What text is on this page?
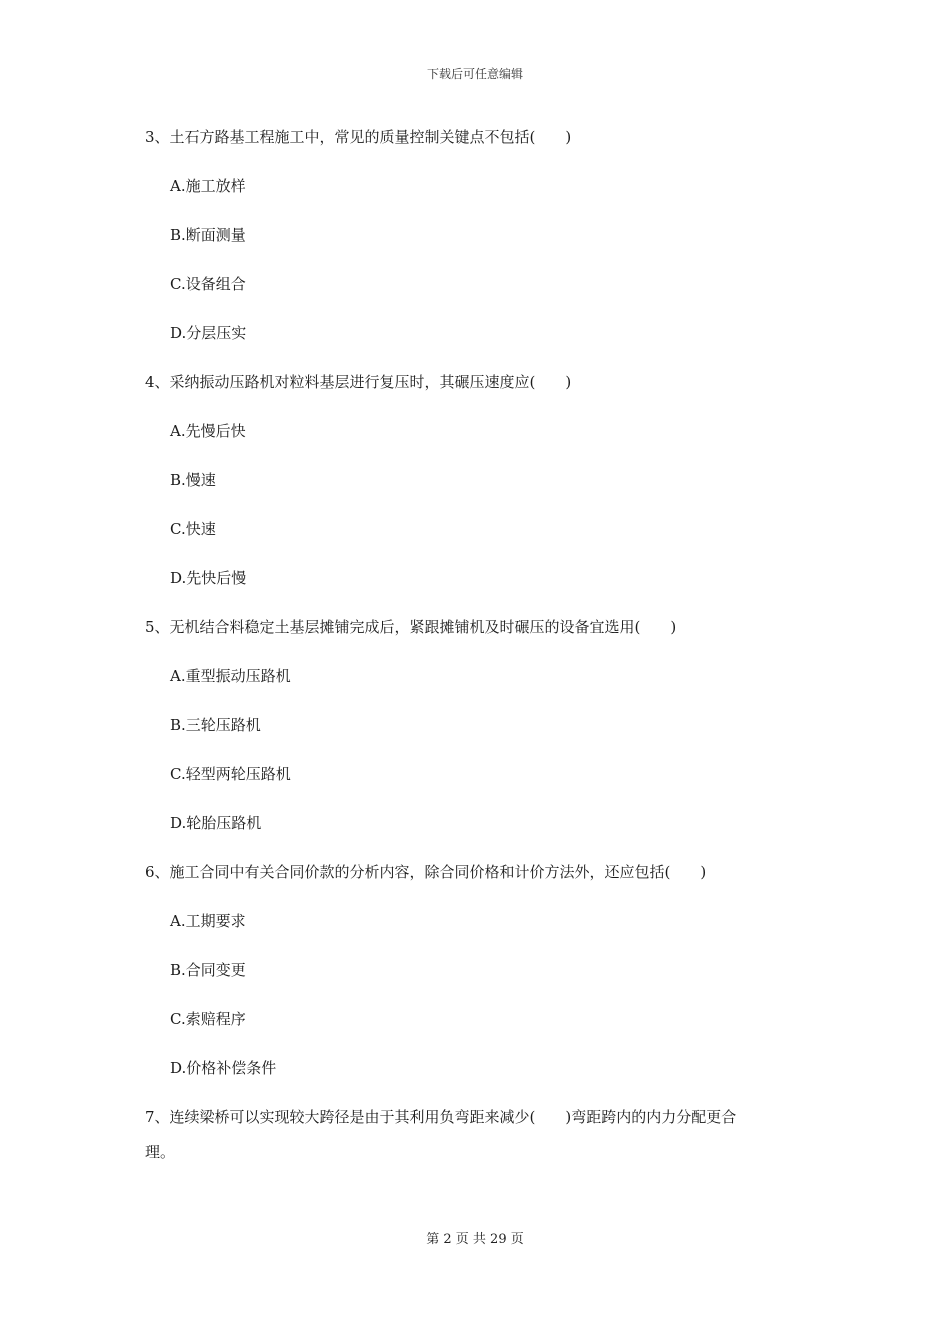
下载后可任意编辑

3、土石方路基工程施工中，常见的质量控制关键点不包括(　　)

A.施工放样

B.断面测量

C.设备组合

D.分层压实

4、采纳振动压路机对粒料基层进行复压时，其碾压速度应(　　)

A.先慢后快

B.慢速

C.快速

D.先快后慢

5、无机结合料稳定土基层摊铺完成后，紧跟摊铺机及时碾压的设备宜选用(　　)

A.重型振动压路机

B.三轮压路机

C.轻型两轮压路机

D.轮胎压路机

6、施工合同中有关合同价款的分析内容，除合同价格和计价方法外，还应包括(　　)

A.工期要求

B.合同变更

C.索赔程序

D.价格补偿条件

7、连续梁桥可以实现较大跨径是由于其利用负弯距来减少(　　)弯距跨内的内力分配更合

理。

第 2 页 共 29 页
